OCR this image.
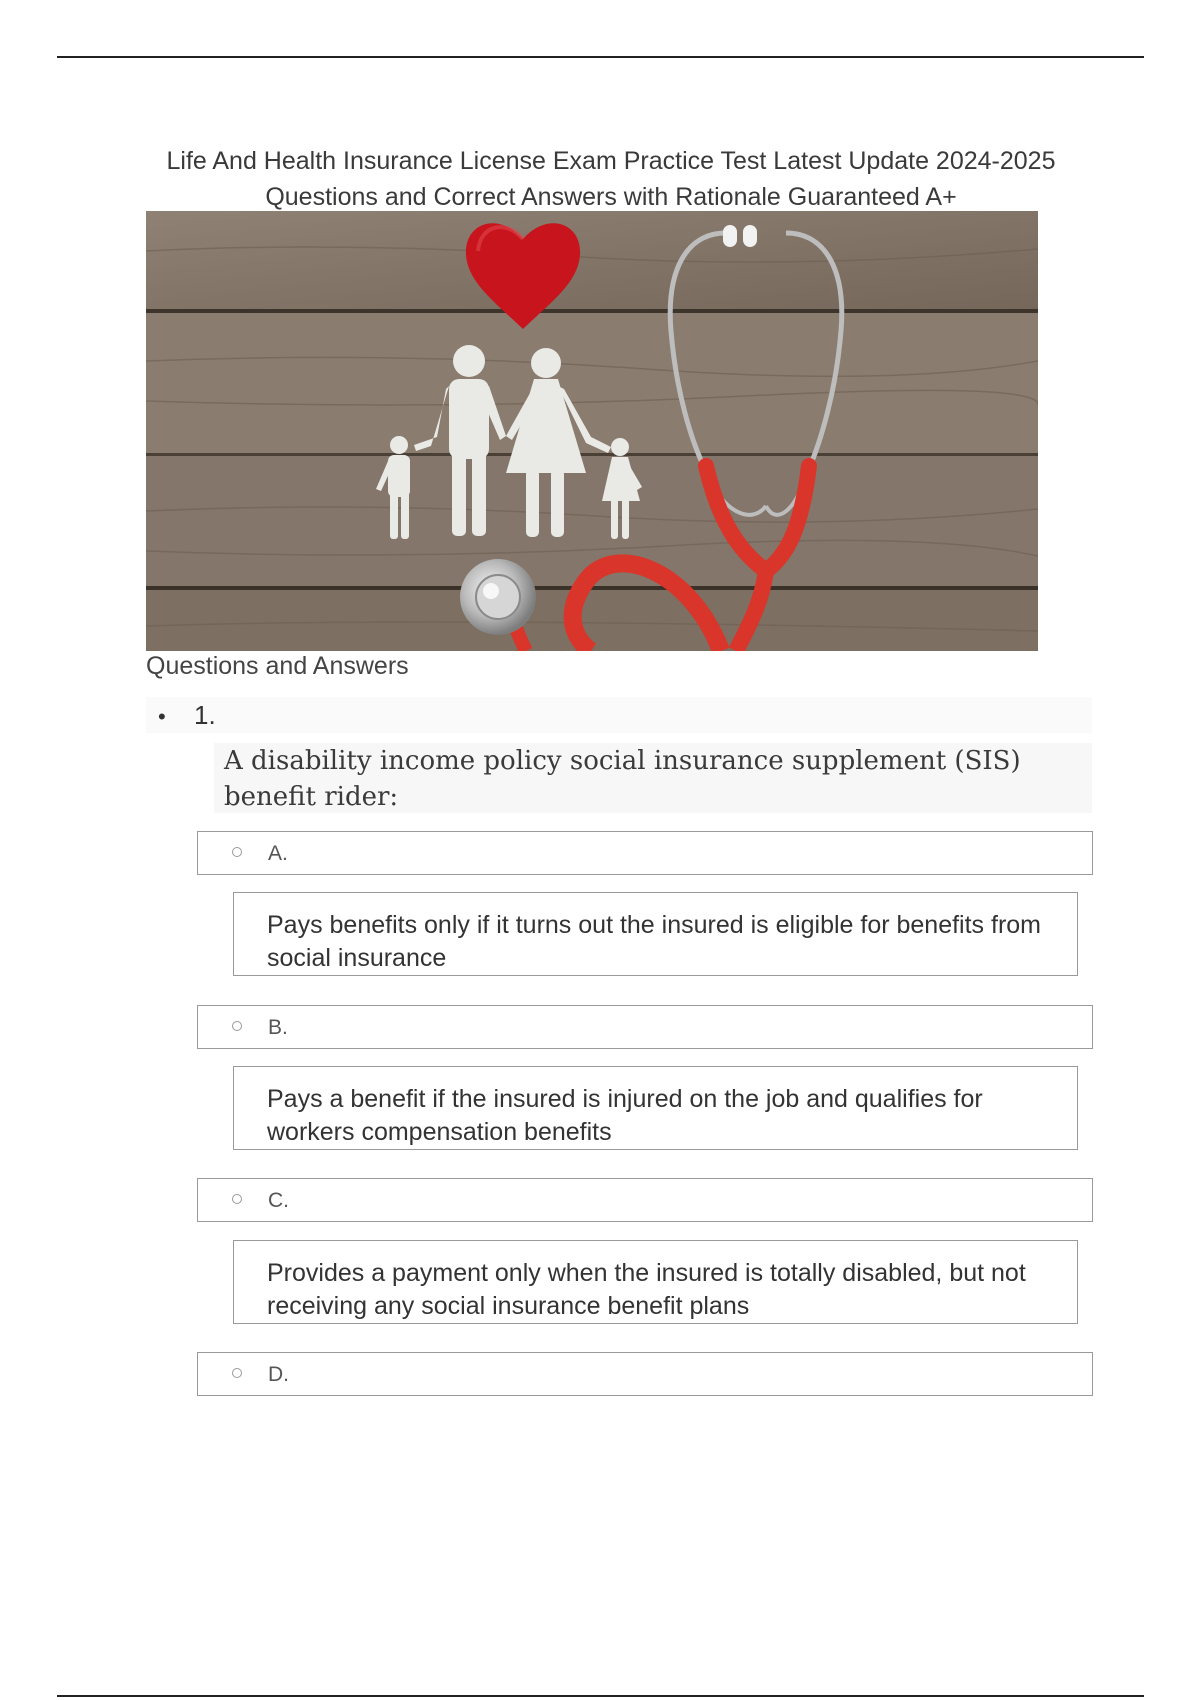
Life And Health Insurance License Exam Practice Test Latest Update 2024-2025 Questions and Correct Answers with Rationale Guaranteed A+
Questions and Answers
• 1.
A disability income policy social insurance supplement (SIS) benefit rider:
A.
Pays benefits only if it turns out the insured is eligible for benefits from social insurance
B.
Pays a benefit if the insured is injured on the job and qualifies for workers compensation benefits
C.
Provides a payment only when the insured is totally disabled, but not receiving any social insurance benefit plans
D.
